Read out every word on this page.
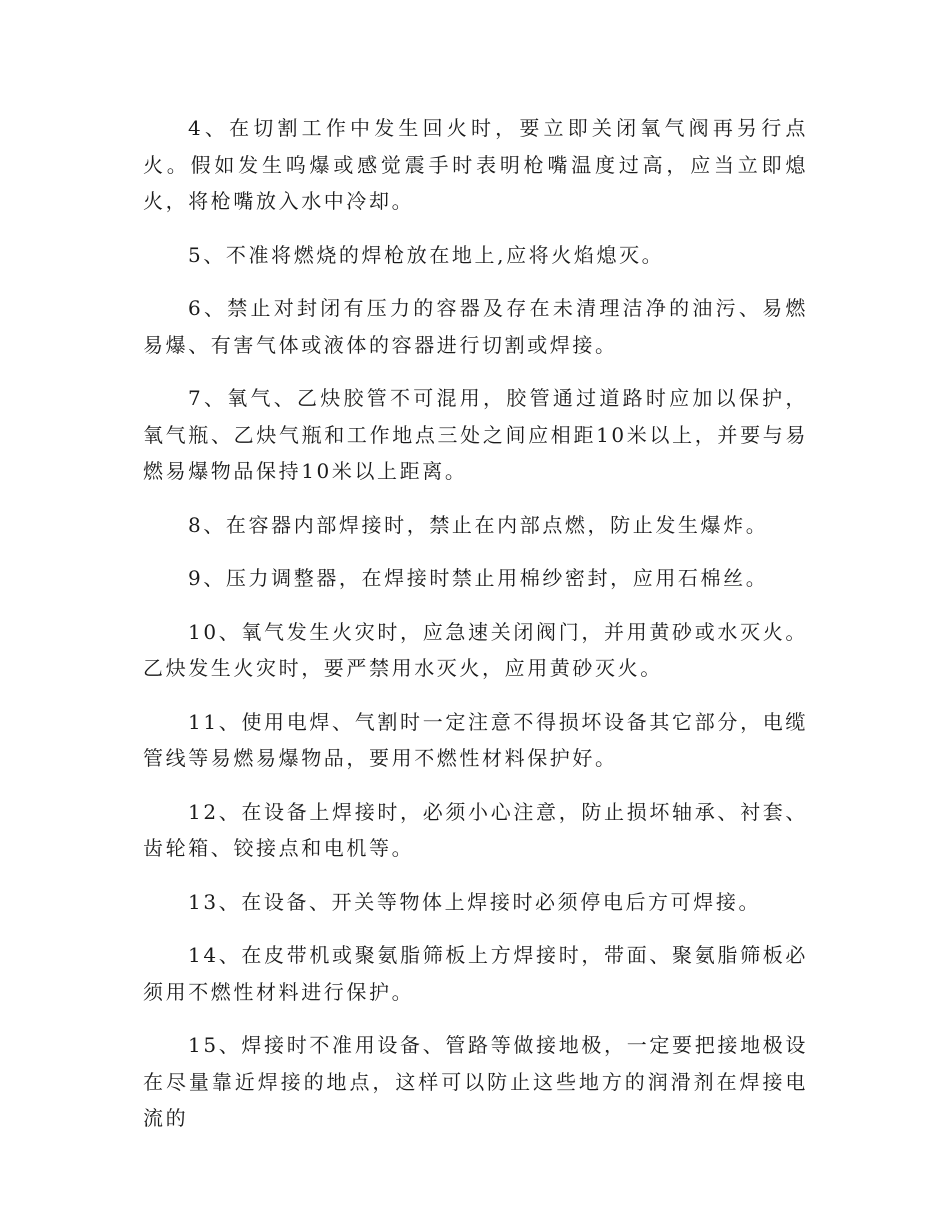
4、在切割工作中发生回火时，要立即关闭氧气阀再另行点火。假如发生呜爆或感觉震手时表明枪嘴温度过高，应当立即熄火，将枪嘴放入水中冷却。

5、不准将燃烧的焊枪放在地上,应将火焰熄灭。

6、禁止对封闭有压力的容器及存在未清理洁净的油污、易燃易爆、有害气体或液体的容器进行切割或焊接。

7、氧气、乙炔胶管不可混用，胶管通过道路时应加以保护，氧气瓶、乙炔气瓶和工作地点三处之间应相距10米以上，并要与易燃易爆物品保持10米以上距离。

8、在容器内部焊接时，禁止在内部点燃，防止发生爆炸。

9、压力调整器，在焊接时禁止用棉纱密封，应用石棉丝。

10、氧气发生火灾时，应急速关闭阀门，并用黄砂或水灭火。乙炔发生火灾时，要严禁用水灭火，应用黄砂灭火。

11、使用电焊、气割时一定注意不得损坏设备其它部分，电缆管线等易燃易爆物品，要用不燃性材料保护好。

12、在设备上焊接时，必须小心注意，防止损坏轴承、衬套、齿轮箱、铰接点和电机等。

13、在设备、开关等物体上焊接时必须停电后方可焊接。

14、在皮带机或聚氨脂筛板上方焊接时，带面、聚氨脂筛板必须用不燃性材料进行保护。

15、焊接时不准用设备、管路等做接地极，一定要把接地极设在尽量靠近焊接的地点，这样可以防止这些地方的润滑剂在焊接电流的
